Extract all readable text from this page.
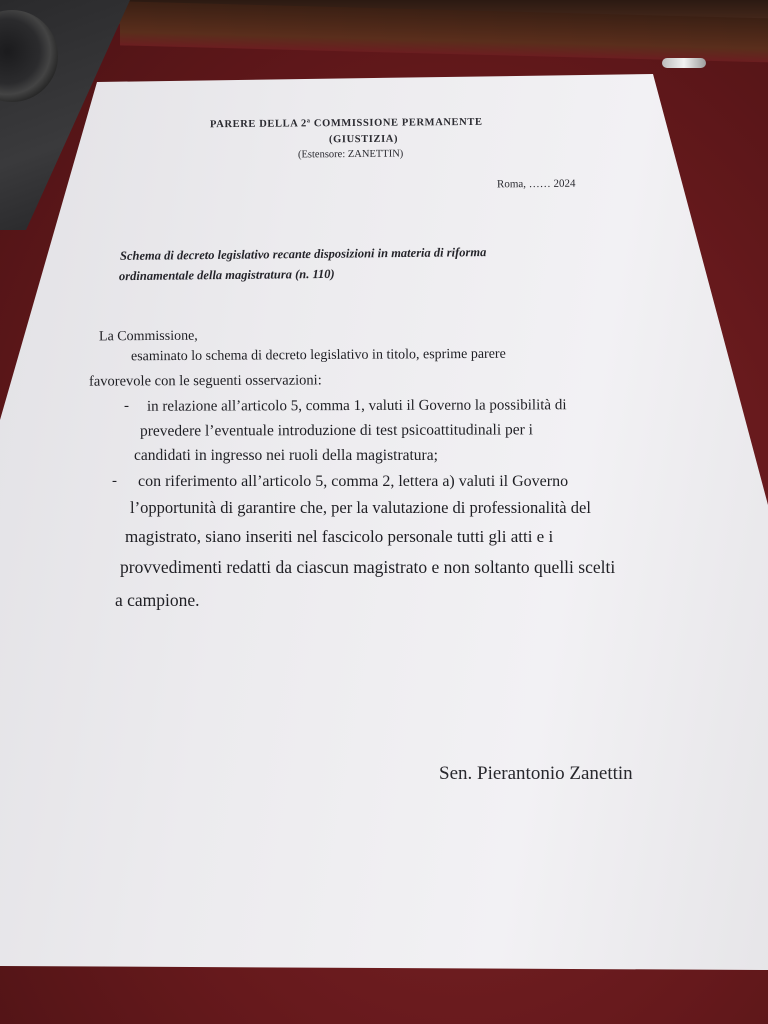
PARERE DELLA 2ª COMMISSIONE PERMANENTE

(GIUSTIZIA)

(Estensore: ZANETTIN)

Roma, …… 2024

Schema di decreto legislativo recante disposizioni in materia di riforma

ordinamentale della magistratura (n. 110)

La Commissione,

esaminato lo schema di decreto legislativo in titolo, esprime parere

favorevole con le seguenti osservazioni:

- in relazione all’articolo 5, comma 1, valuti il Governo la possibilità di

prevedere l’eventuale introduzione di test psicoattitudinali per i

candidati in ingresso nei ruoli della magistratura;

- con riferimento all’articolo 5, comma 2, lettera a) valuti il Governo

l’opportunità di garantire che, per la valutazione di professionalità del

magistrato, siano inseriti nel fascicolo personale tutti gli atti e i

provvedimenti redatti da ciascun magistrato e non soltanto quelli scelti

a campione.

Sen. Pierantonio Zanettin
